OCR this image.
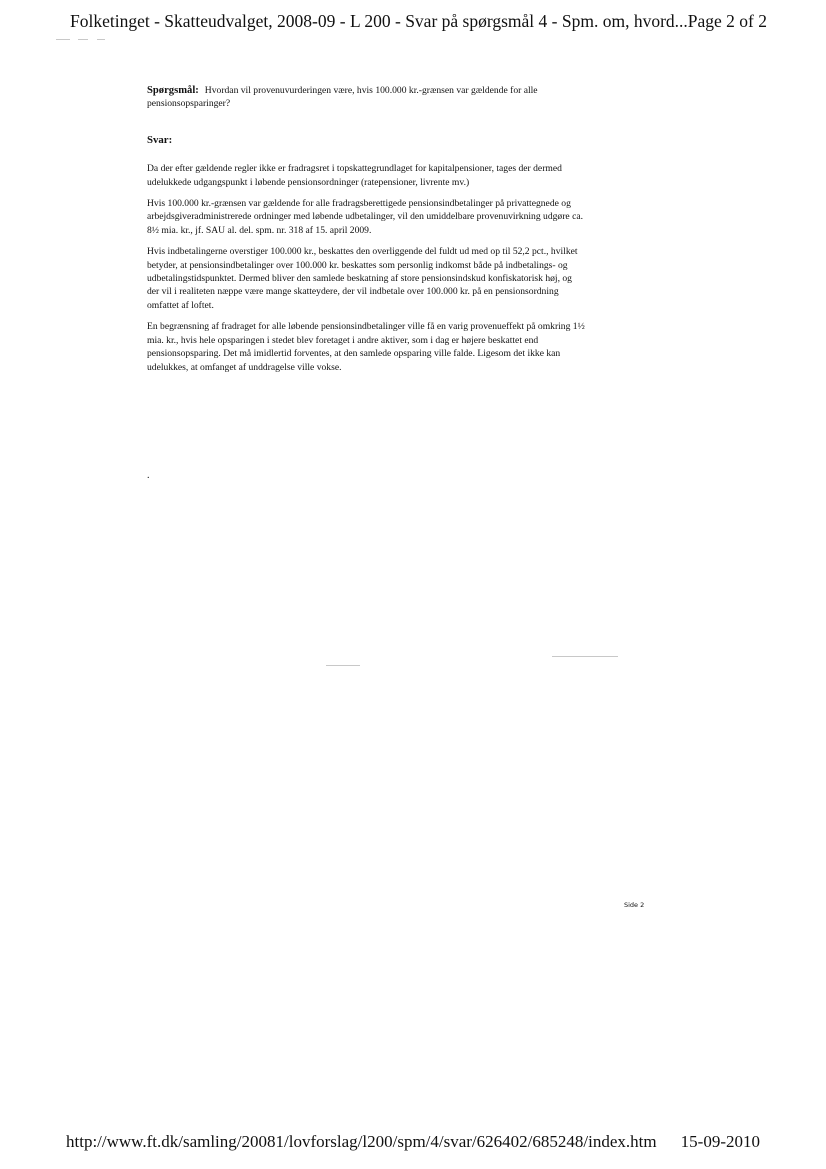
Folketinget - Skatteudvalget, 2008-09 - L 200 - Svar på spørgsmål 4 - Spm. om, hvord... Page 2 of 2

Spørgsmål: Hvordan vil provenuvurderingen være, hvis 100.000 kr.-grænsen var gældende for alle pensionsopsparinger?

Svar:

Da der efter gældende regler ikke er fradragsret i topskattegrundlaget for kapitalpensioner, tages der dermed udelukkede udgangspunkt i løbende pensionsordninger (ratepensioner, livrente mv.)

Hvis 100.000 kr.-grænsen var gældende for alle fradragsberettigede pensionsindbetalinger på privattegnede og arbejdsgiveradministrerede ordninger med løbende udbetalinger, vil den umiddelbare provenuvirkning udgøre ca. 8½ mia. kr., jf. SAU al. del. spm. nr. 318 af 15. april 2009.

Hvis indbetalingerne overstiger 100.000 kr., beskattes den overliggende del fuldt ud med op til 52,2 pct., hvilket betyder, at pensionsindbetalinger over 100.000 kr. beskattes som personlig indkomst både på indbetalings- og udbetalingstidspunktet. Dermed bliver den samlede beskatning af store pensionsindskud konfiskatorisk høj, og der vil i realiteten næppe være mange skatteydere, der vil indbetale over 100.000 kr. på en pensionsordning omfattet af loftet.

En begrænsning af fradraget for alle løbende pensionsindbetalinger ville få en varig provenueffekt på omkring 1½ mia. kr., hvis hele opsparingen i stedet blev foretaget i andre aktiver, som i dag er højere beskattet end pensionsopsparing. Det må imidlertid forventes, at den samlede opsparing ville falde. Ligesom det ikke kan udelukkes, at omfanget af unddragelse ville vokse.

.
Side 2
http://www.ft.dk/samling/20081/lovforslag/l200/spm/4/svar/626402/685248/index.htm 15-09-2010
